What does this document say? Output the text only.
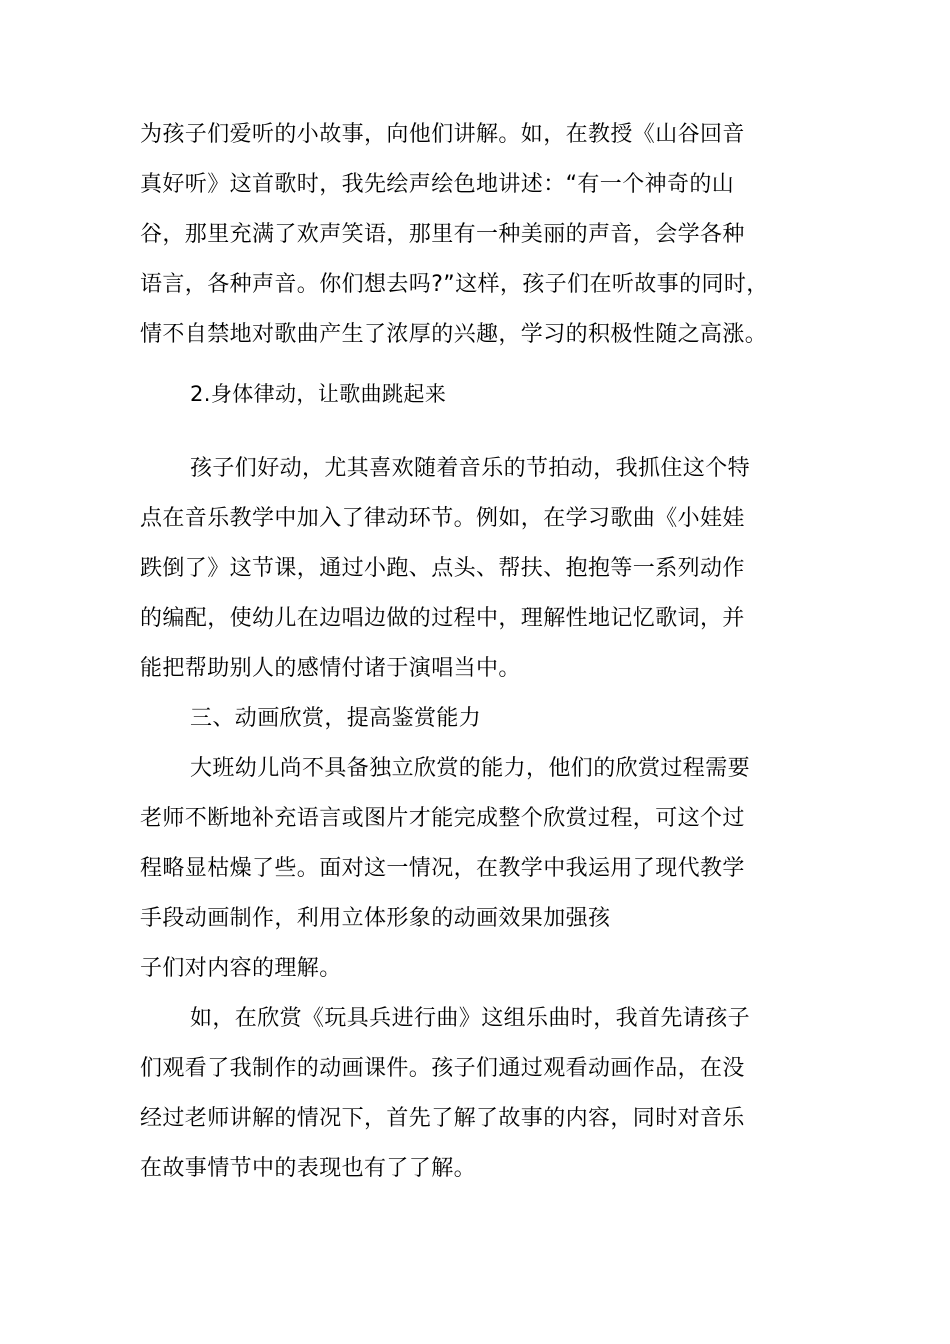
为孩子们爱听的小故事，向他们讲解。如，在教授《山谷回音
真好听》这首歌时，我先绘声绘色地讲述：“有一个神奇的山
谷，那里充满了欢声笑语，那里有一种美丽的声音，会学各种
语言，各种声音。你们想去吗?”这样，孩子们在听故事的同时，
情不自禁地对歌曲产生了浓厚的兴趣，学习的积极性随之高涨。
2.身体律动，让歌曲跳起来
孩子们好动，尤其喜欢随着音乐的节拍动，我抓住这个特
点在音乐教学中加入了律动环节。例如，在学习歌曲《小娃娃
跌倒了》这节课，通过小跑、点头、帮扶、抱抱等一系列动作
的编配，使幼儿在边唱边做的过程中，理解性地记忆歌词，并
能把帮助别人的感情付诸于演唱当中。
三、动画欣赏，提高鉴赏能力
大班幼儿尚不具备独立欣赏的能力，他们的欣赏过程需要
老师不断地补充语言或图片才能完成整个欣赏过程，可这个过
程略显枯燥了些。面对这一情况，在教学中我运用了现代教学
手段动画制作，利用立体形象的动画效果加强孩
子们对内容的理解。
如，在欣赏《玩具兵进行曲》这组乐曲时，我首先请孩子
们观看了我制作的动画课件。孩子们通过观看动画作品，在没
经过老师讲解的情况下，首先了解了故事的内容，同时对音乐
在故事情节中的表现也有了了解。
